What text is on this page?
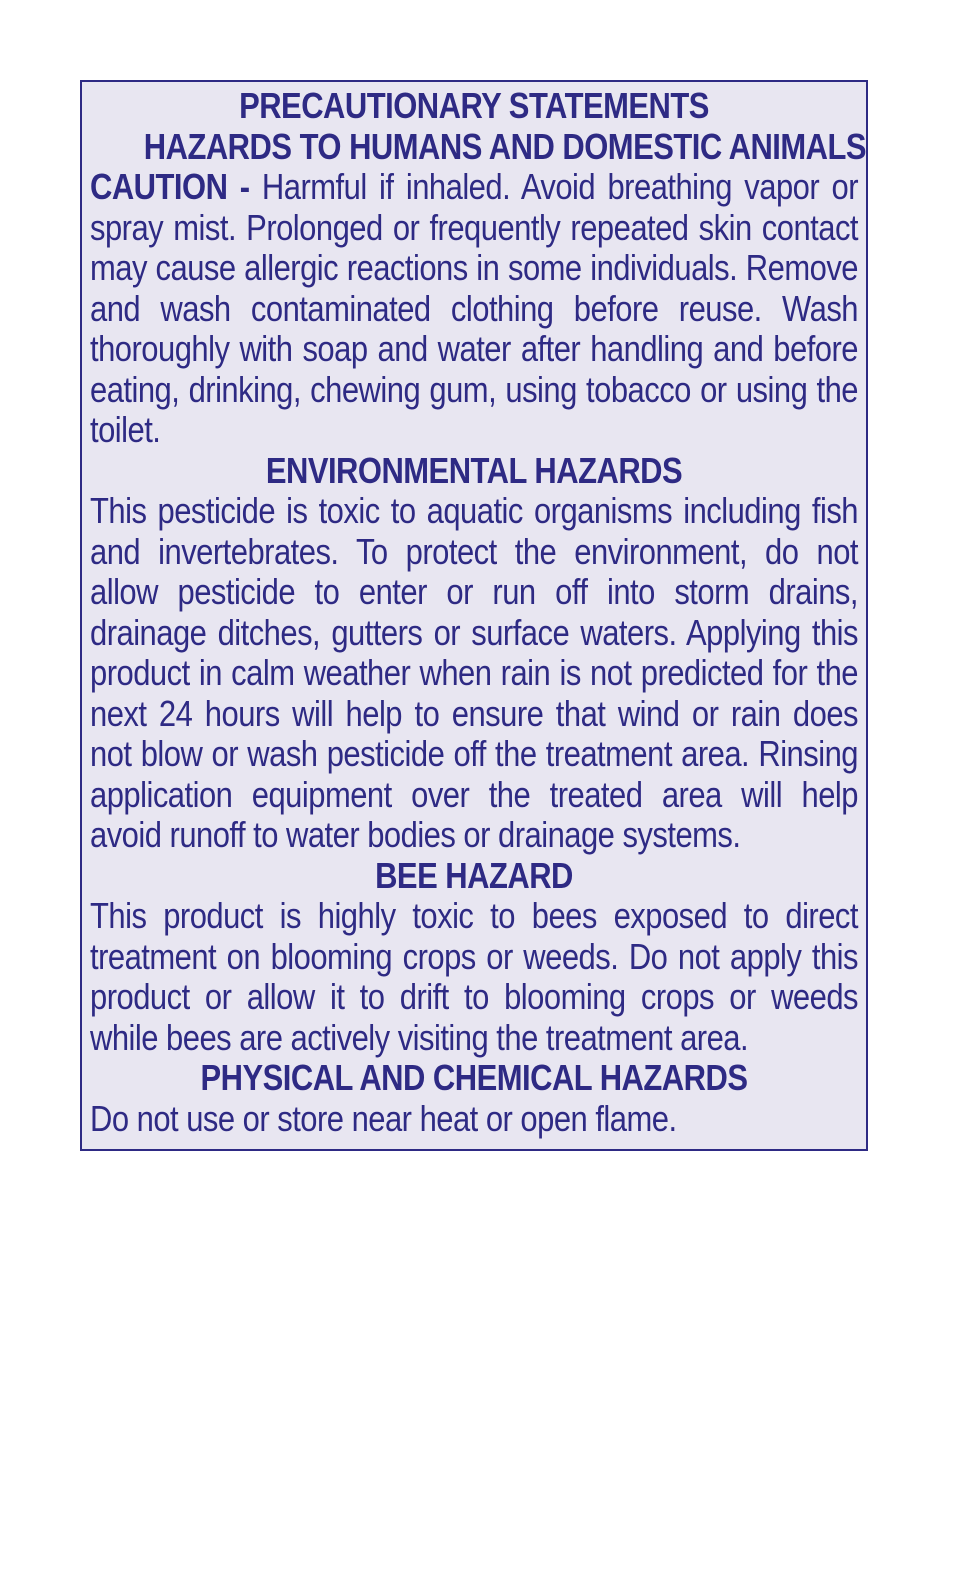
PRECAUTIONARY STATEMENTS
HAZARDS TO HUMANS AND DOMESTIC ANIMALS
CAUTION - Harmful if inhaled. Avoid breathing vapor or spray mist. Prolonged or frequently repeated skin contact may cause allergic reactions in some individuals. Remove and wash contaminated clothing before reuse. Wash thoroughly with soap and water after handling and before eating, drinking, chewing gum, using tobacco or using the toilet.
ENVIRONMENTAL HAZARDS
This pesticide is toxic to aquatic organisms including fish and invertebrates. To protect the environment, do not allow pesticide to enter or run off into storm drains, drainage ditches, gutters or surface waters. Applying this product in calm weather when rain is not predicted for the next 24 hours will help to ensure that wind or rain does not blow or wash pesticide off the treatment area. Rinsing application equipment over the treated area will help avoid runoff to water bodies or drainage systems.
BEE HAZARD
This product is highly toxic to bees exposed to direct treatment on blooming crops or weeds. Do not apply this product or allow it to drift to blooming crops or weeds while bees are actively visiting the treatment area.
PHYSICAL AND CHEMICAL HAZARDS
Do not use or store near heat or open flame.
